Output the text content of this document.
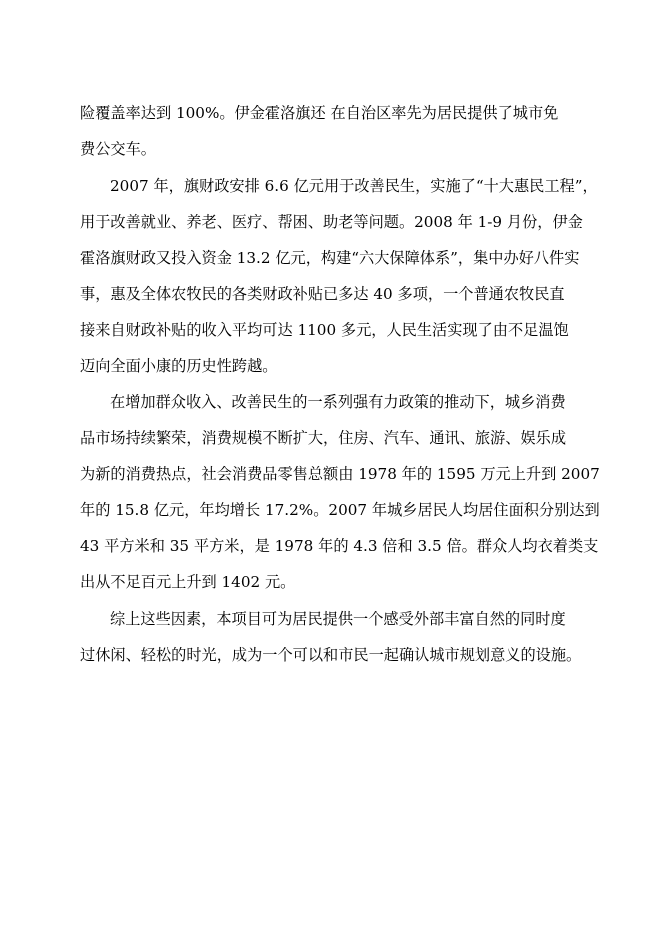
险覆盖率达到 100%。伊金霍洛旗还 在自治区率先为居民提供了城市免
费公交车。
2007 年，旗财政安排 6.6 亿元用于改善民生，实施了“十大惠民工程”，
用于改善就业、养老、医疗、帮困、助老等问题。2008 年 1-9 月份，伊金
霍洛旗财政又投入资金 13.2 亿元，构建“六大保障体系”，集中办好八件实
事，惠及全体农牧民的各类财政补贴已多达 40 多项，一个普通农牧民直
接来自财政补贴的收入平均可达 1100 多元，人民生活实现了由不足温饱
迈向全面小康的历史性跨越。
在增加群众收入、改善民生的一系列强有力政策的推动下，城乡消费
品市场持续繁荣，消费规模不断扩大，住房、汽车、通讯、旅游、娱乐成
为新的消费热点，社会消费品零售总额由 1978 年的 1595 万元上升到 2007
年的 15.8 亿元，年均增长 17.2%。2007 年城乡居民人均居住面积分别达到
43 平方米和 35 平方米，是 1978 年的 4.3 倍和 3.5 倍。群众人均衣着类支
出从不足百元上升到 1402 元。
综上这些因素，本项目可为居民提供一个感受外部丰富自然的同时度
过休闲、轻松的时光，成为一个可以和市民一起确认城市规划意义的设施。
